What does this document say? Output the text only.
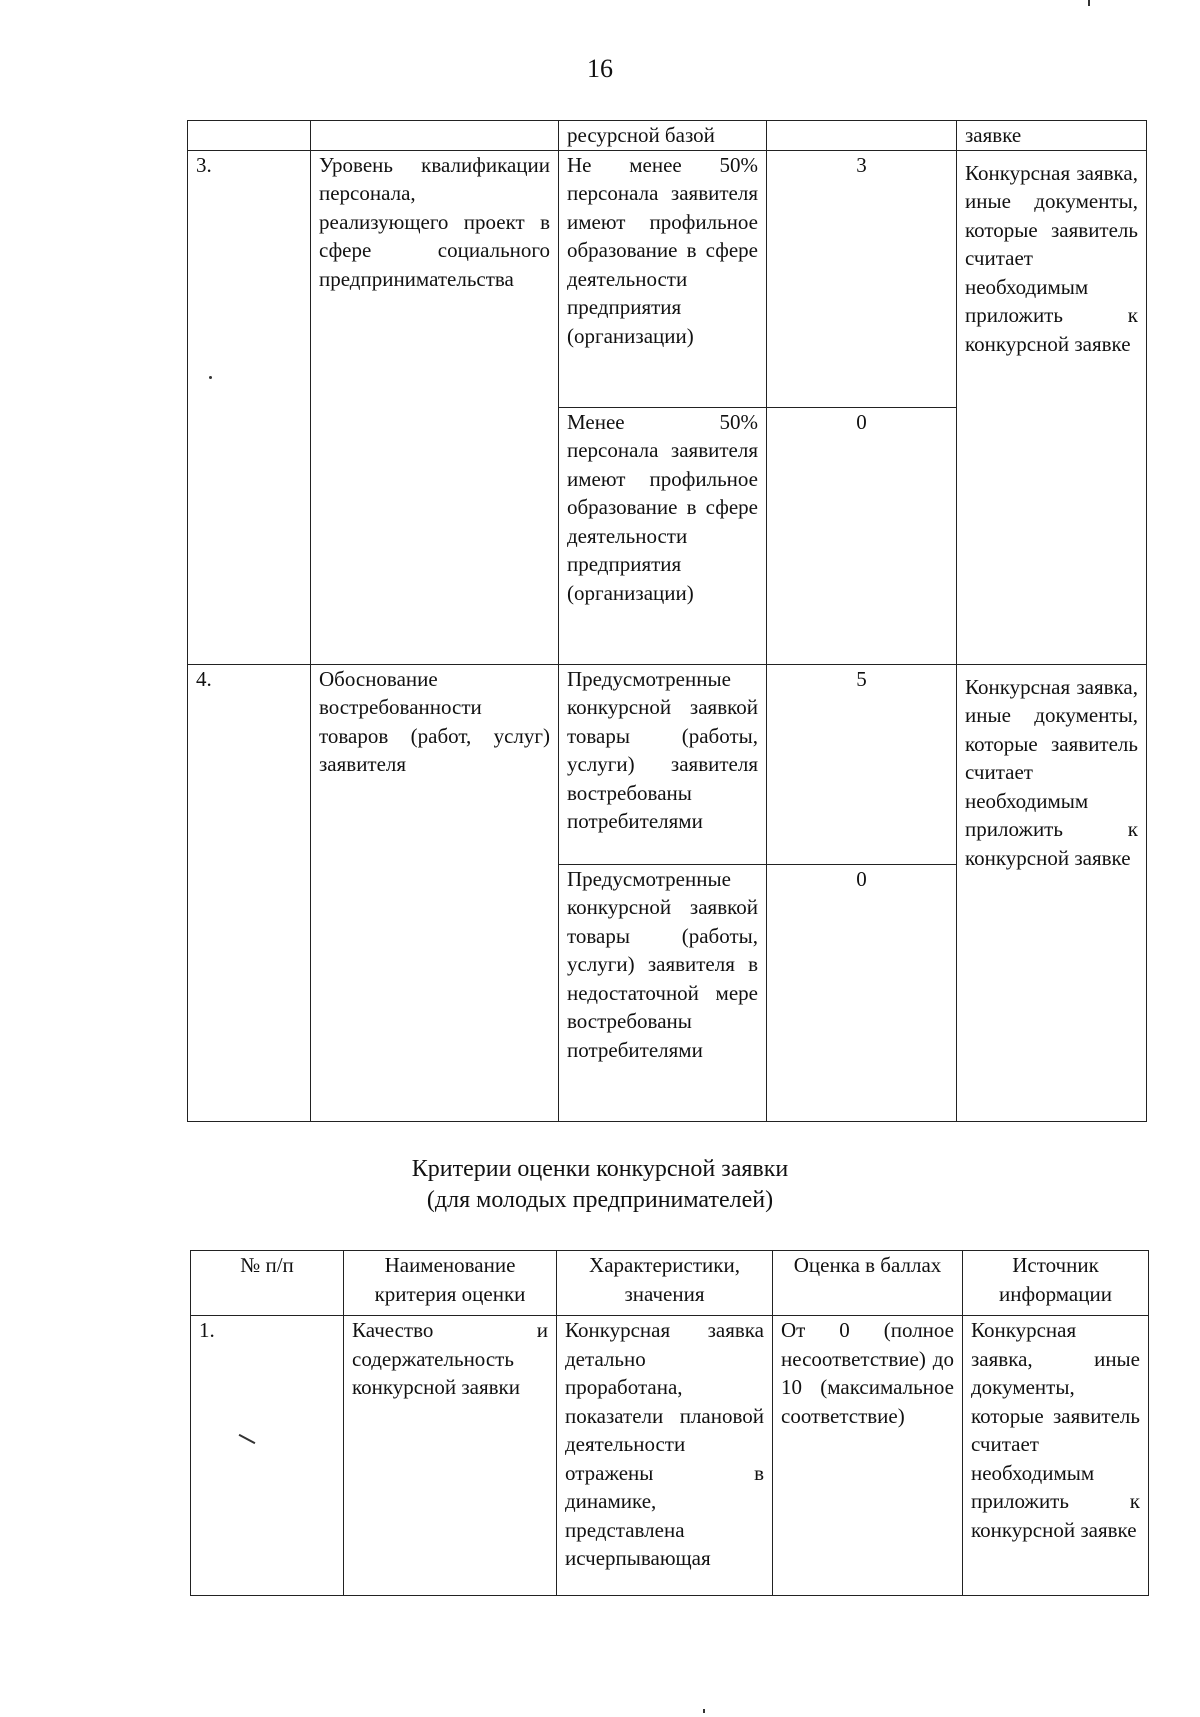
16
		ресурсной базой		заявке
3.	Уровень квалификации персонала, реализующего проект в сфере социального предпринимательства	Не менее 50% персонала заявителя имеют профильное образование в сфере деятельности предприятия (организации)	3	Конкурсная заявка, иные документы, которые заявитель считает необходимым приложить к конкурсной заявке
		Менее 50% персонала заявителя имеют профильное образование в сфере деятельности предприятия (организации)	0	
4.	Обоснование востребованности товаров (работ, услуг) заявителя	Предусмотренные конкурсной заявкой товары (работы, услуги) заявителя востребованы потребителями	5	Конкурсная заявка, иные документы, которые заявитель считает необходимым приложить к конкурсной заявке
		Предусмотренные конкурсной заявкой товары (работы, услуги) заявителя в недостаточной мере востребованы потребителями	0	
Критерии оценки конкурсной заявки
(для молодых предпринимателей)
№ п/п	Наименование критерия оценки	Характеристики, значения	Оценка в баллах	Источник информации
1.	Качество и содержательность конкурсной заявки	Конкурсная заявка детально проработана, показатели плановой деятельности отражены в динамике, представлена исчерпывающая	От 0 (полное несоответствие) до 10 (максимальное соответствие)	Конкурсная заявка, иные документы, которые заявитель считает необходимым приложить к конкурсной заявке
